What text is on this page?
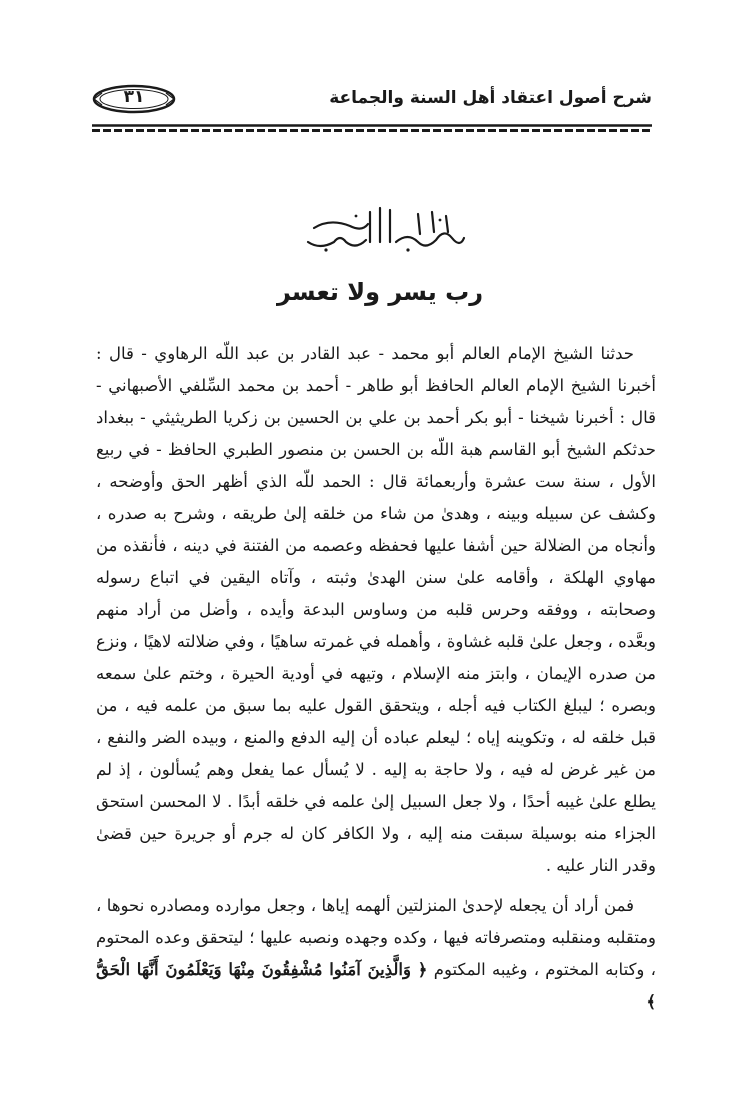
٣١	شرح أصول اعتقاد أهل السنة والجماعة
رب يسر ولا تعسر

حدثنا الشيخ الإمام العالم أبو محمد - عبد القادر بن عبد اللّه الرهاوي - قال : أخبرنا الشيخ الإمام العالم الحافظ أبو طاهر - أحمد بن محمد السِّلفي الأصبهاني - قال : أخبرنا شيخنا - أبو بكر أحمد بن علي بن الحسين بن زكريا الطريثيثي - ببغداد حدثكم الشيخ أبو القاسم هبة اللّه بن الحسن بن منصور الطبري الحافظ - في ربيع الأول ، سنة ست عشرة وأربعمائة قال : الحمد للّه الذي أظهر الحق وأوضحه ، وكشف عن سبيله وبينه ، وهدىٰ من شاء من خلقه إلىٰ طريقه ، وشرح به صدره ، وأنجاه من الضلالة حين أشفا عليها فحفظه وعصمه من الفتنة في دينه ، فأنقذه من مهاوي الهلكة ، وأقامه علىٰ سنن الهدىٰ وثبته ، وآتاه اليقين في اتباع رسوله وصحابته ، ووفقه وحرس قلبه من وساوس البدعة وأيده ، وأضل من أراد منهم وبعَّده ، وجعل علىٰ قلبه غشاوة ، وأهمله في غمرته ساهيًا ، وفي ضلالته لاهيًا ، ونزع من صدره الإيمان ، وابتز منه الإسلام ، وتيهه في أودية الحيرة ، وختم علىٰ سمعه وبصره ؛ ليبلغ الكتاب فيه أجله ، ويتحقق القول عليه بما سبق من علمه فيه ، من قبل خلقه له ، وتكوينه إياه ؛ ليعلم عباده أن إليه الدفع والمنع ، وبيده الضر والنفع ، من غير غرض له فيه ، ولا حاجة به إليه . لا يُسأل عما يفعل وهم يُسألون ، إذ لم يطلع علىٰ غيبه أحدًا ، ولا جعل السبيل إلىٰ علمه في خلقه أبدًا . لا المحسن استحق الجزاء منه بوسيلة سبقت منه إليه ، ولا الكافر كان له جرم أو جريرة حين قضىٰ وقدر النار عليه .

فمن أراد أن يجعله لإحدىٰ المنزلتين ألهمه إياها ، وجعل موارده ومصادره نحوها ، ومتقلبه ومنقلبه ومتصرفاته فيها ، وكده وجهده ونصبه عليها ؛ ليتحقق وعده المحتوم ، وكتابه المختوم ، وغيبه المكتوم ﴿ وَالَّذِينَ آمَنُوا مُشْفِقُونَ مِنْهَا وَيَعْلَمُونَ أَنَّهَا الْحَقُّ ﴾
